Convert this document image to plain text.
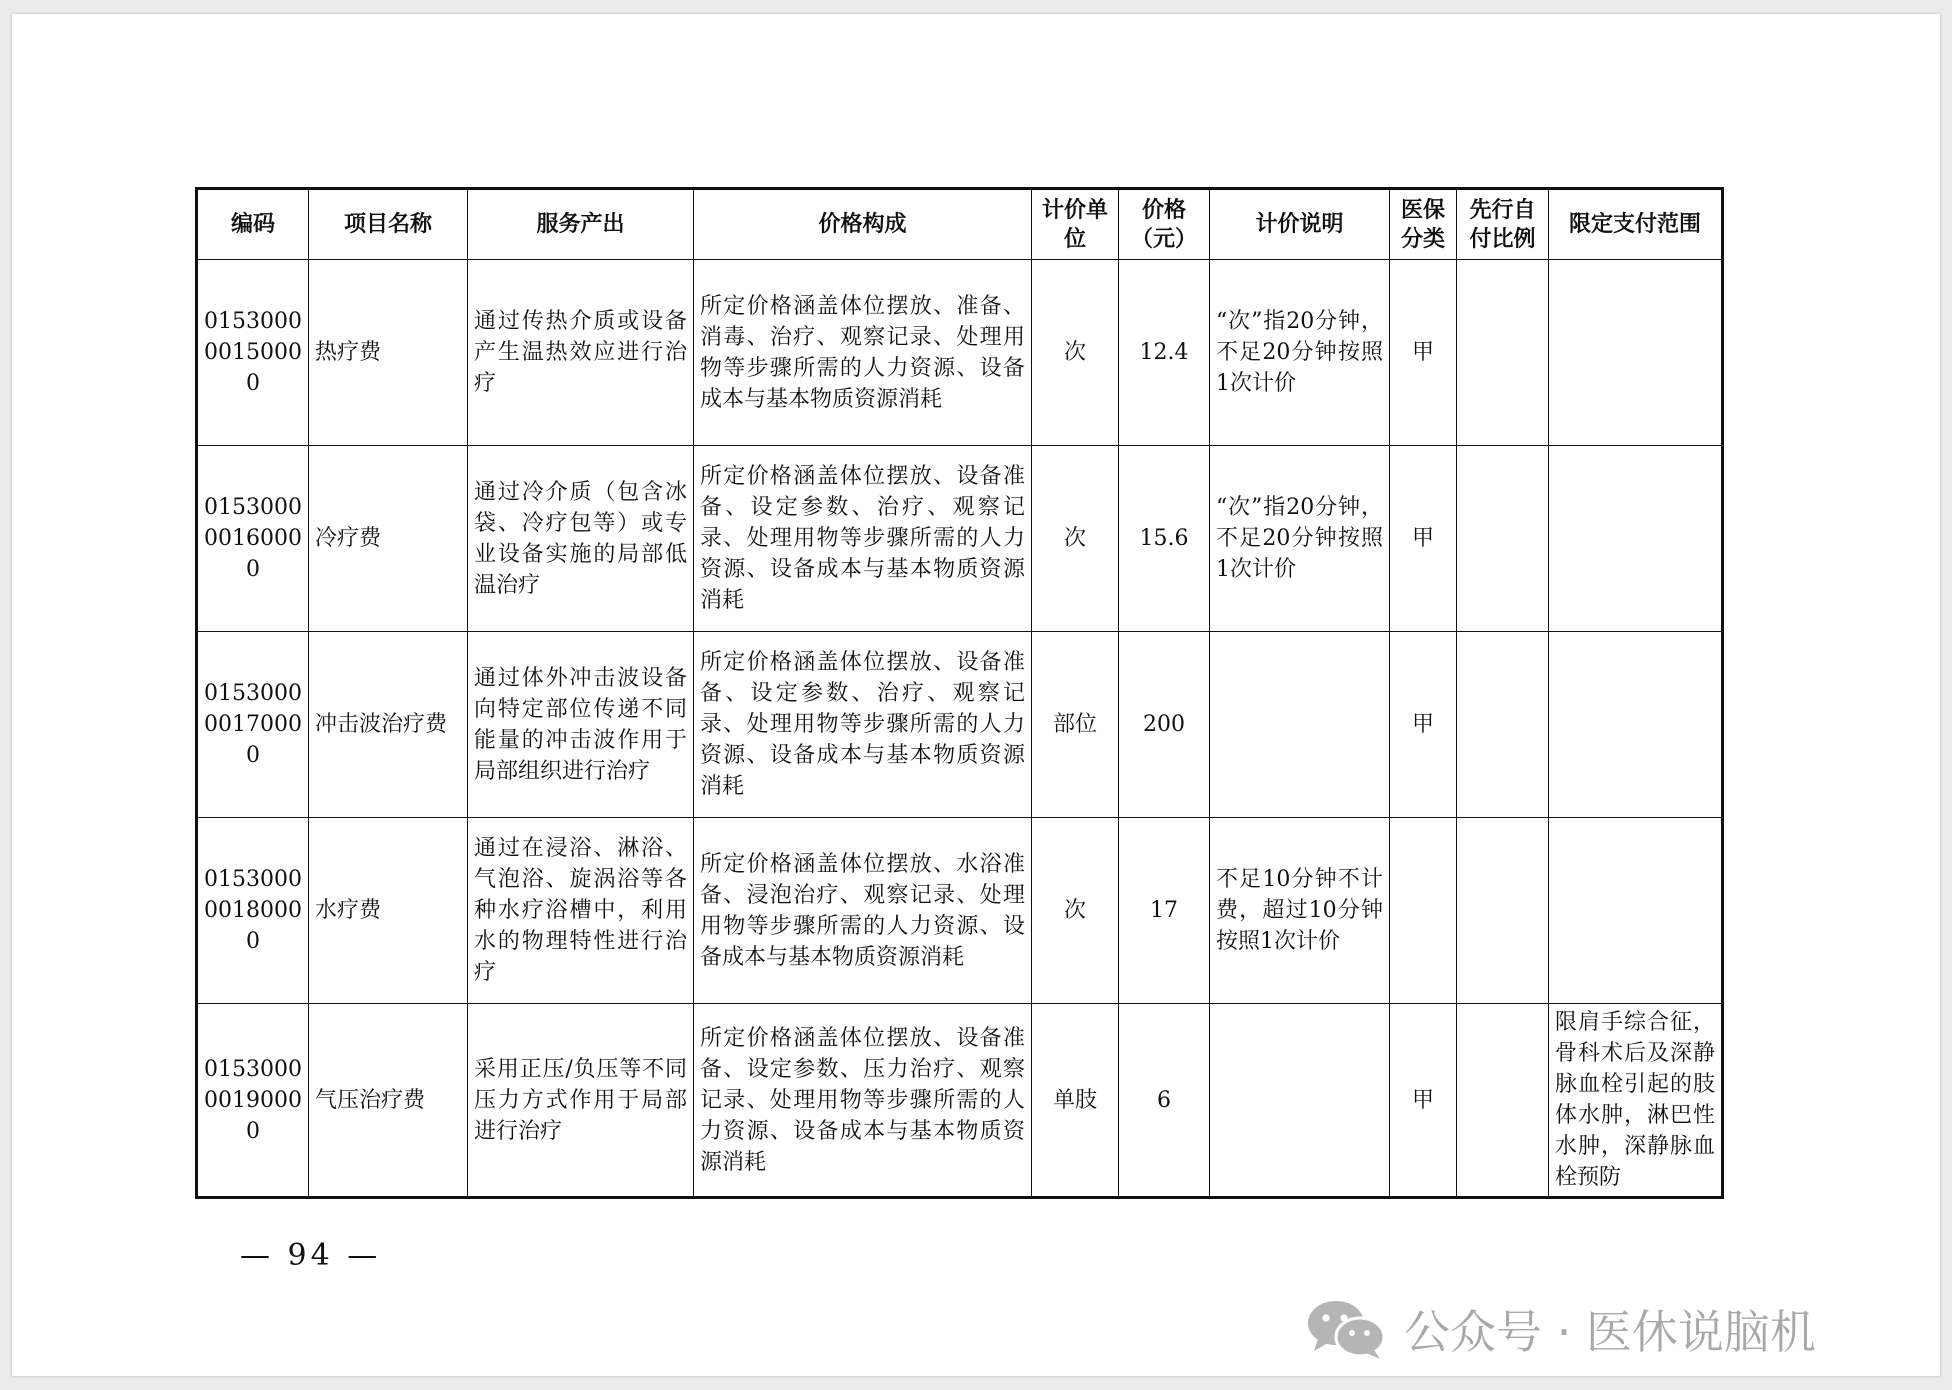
编码	项目名称	服务产出	价格构成	计价单位	价格（元）	计价说明	医保分类	先行自付比例	限定支付范围
015300000150000	热疗费	通过传热介质或设备产生温热效应进行治疗	所定价格涵盖体位摆放、准备、消毒、治疗、观察记录、处理用物等步骤所需的人力资源、设备成本与基本物质资源消耗	次	12.4	“次”指20分钟，不足20分钟按照1次计价	甲		
015300000160000	冷疗费	通过冷介质（包含冰袋、冷疗包等）或专业设备实施的局部低温治疗	所定价格涵盖体位摆放、设备准备、设定参数、治疗、观察记录、处理用物等步骤所需的人力资源、设备成本与基本物质资源消耗	次	15.6	“次”指20分钟，不足20分钟按照1次计价	甲		
015300000170000	冲击波治疗费	通过体外冲击波设备向特定部位传递不同能量的冲击波作用于局部组织进行治疗	所定价格涵盖体位摆放、设备准备、设定参数、治疗、观察记录、处理用物等步骤所需的人力资源、设备成本与基本物质资源消耗	部位	200		甲		
015300000180000	水疗费	通过在浸浴、淋浴、气泡浴、旋涡浴等各种水疗浴槽中，利用水的物理特性进行治疗	所定价格涵盖体位摆放、水浴准备、浸泡治疗、观察记录、处理用物等步骤所需的人力资源、设备成本与基本物质资源消耗	次	17	不足10分钟不计费，超过10分钟按照1次计价			
015300000190000	气压治疗费	采用正压/负压等不同压力方式作用于局部进行治疗	所定价格涵盖体位摆放、设备准备、设定参数、压力治疗、观察记录、处理用物等步骤所需的人力资源、设备成本与基本物质资源消耗	单肢	6		甲		限肩手综合征，骨科术后及深静脉血栓引起的肢体水肿，淋巴性水肿，深静脉血栓预防
— 94 —
公众号 · 医休说脑机
